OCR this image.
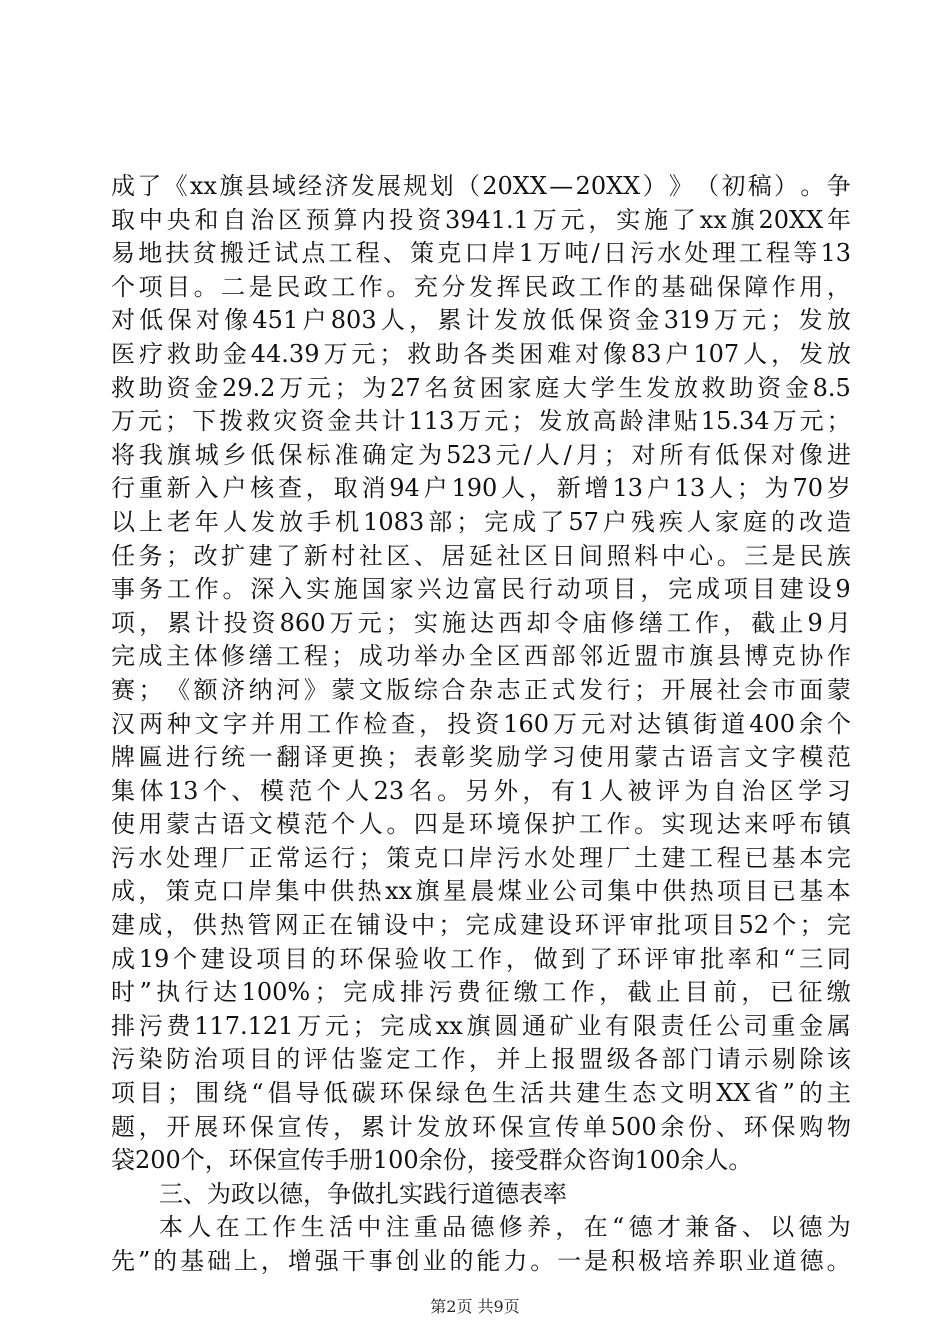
成 了 《 xx 旗 县 域 经 济 发 展 规 划 （ 20XX — 20XX ） 》 （ 初 稿 ） 。 争
取 中 央 和 自 治 区 预 算 内 投 资 3941.1 万 元 ， 实 施 了 xx 旗 20XX 年
易 地 扶 贫 搬 迁 试 点 工 程 、 策 克 口 岸 1 万 吨 / 日 污 水 处 理 工 程 等 13
个 项 目 。 二 是 民 政 工 作 。 充 分 发 挥 民 政 工 作 的 基 础 保 障 作 用 ，
对 低 保 对 像 451 户 803 人 ， 累 计 发 放 低 保 资 金 319 万 元 ； 发 放
医 疗 救 助 金 44.39 万 元 ； 救 助 各 类 困 难 对 像 83 户 107 人 ， 发 放
救 助 资 金 29.2 万 元 ； 为 27 名 贫 困 家 庭 大 学 生 发 放 救 助 资 金 8.5
万 元 ； 下 拨 救 灾 资 金 共 计 113 万 元 ； 发 放 高 龄 津 贴 15.34 万 元 ；
将 我 旗 城 乡 低 保 标 准 确 定 为 523 元 / 人 / 月 ； 对 所 有 低 保 对 像 进
行 重 新 入 户 核 查 ， 取 消 94 户 190 人 ， 新 增 13 户 13 人 ； 为 70 岁
以 上 老 年 人 发 放 手 机 1083 部 ； 完 成 了 57 户 残 疾 人 家 庭 的 改 造
任 务 ； 改 扩 建 了 新 村 社 区 、 居 延 社 区 日 间 照 料 中 心 。 三 是 民 族
事 务 工 作 。 深 入 实 施 国 家 兴 边 富 民 行 动 项 目 ， 完 成 项 目 建 设 9
项 ， 累 计 投 资 860 万 元 ； 实 施 达 西 却 令 庙 修 缮 工 作 ， 截 止 9 月
完 成 主 体 修 缮 工 程 ； 成 功 举 办 全 区 西 部 邻 近 盟 市 旗 县 博 克 协 作
赛 ； 《 额 济 纳 河 》 蒙 文 版 综 合 杂 志 正 式 发 行 ； 开 展 社 会 市 面 蒙
汉 两 种 文 字 并 用 工 作 检 查 ， 投 资 160 万 元 对 达 镇 街 道 400 余 个
牌 匾 进 行 统 一 翻 译 更 换 ； 表 彰 奖 励 学 习 使 用 蒙 古 语 言 文 字 模 范
集 体 13 个 、 模 范 个 人 23 名 。 另 外 ， 有 1 人 被 评 为 自 治 区 学 习
使 用 蒙 古 语 文 模 范 个 人 。 四 是 环 境 保 护 工 作 。 实 现 达 来 呼 布 镇
污 水 处 理 厂 正 常 运 行 ； 策 克 口 岸 污 水 处 理 厂 土 建 工 程 已 基 本 完
成 ， 策 克 口 岸 集 中 供 热 xx 旗 星 晨 煤 业 公 司 集 中 供 热 项 目 已 基 本
建 成 ， 供 热 管 网 正 在 铺 设 中 ； 完 成 建 设 环 评 审 批 项 目 52 个 ； 完
成 19 个 建 设 项 目 的 环 保 验 收 工 作 ， 做 到 了 环 评 审 批 率 和 “ 三 同
时 ” 执 行 达 100% ； 完 成 排 污 费 征 缴 工 作 ， 截 止 目 前 ， 已 征 缴
排 污 费 117.121 万 元 ； 完 成 xx 旗 圆 通 矿 业 有 限 责 任 公 司 重 金 属
污 染 防 治 项 目 的 评 估 鉴 定 工 作 ， 并 上 报 盟 级 各 部 门 请 示 剔 除 该
项 目 ； 围 绕 “ 倡 导 低 碳 环 保 绿 色 生 活 共 建 生 态 文 明 XX 省 ” 的 主
题 ， 开 展 环 保 宣 传 ， 累 计 发 放 环 保 宣 传 单 500 余 份 、 环 保 购 物
袋200个，环保宣传手册100余份，接受群众咨询100余人。
三、为政以德，争做扎实践行道德表率
本 人 在 工 作 生 活 中 注 重 品 德 修 养 ， 在 “ 德 才 兼 备 、 以 德 为
先 ” 的 基 础 上 ， 增 强 干 事 创 业 的 能 力 。 一 是 积 极 培 养 职 业 道 德 。
第2页 共9页
